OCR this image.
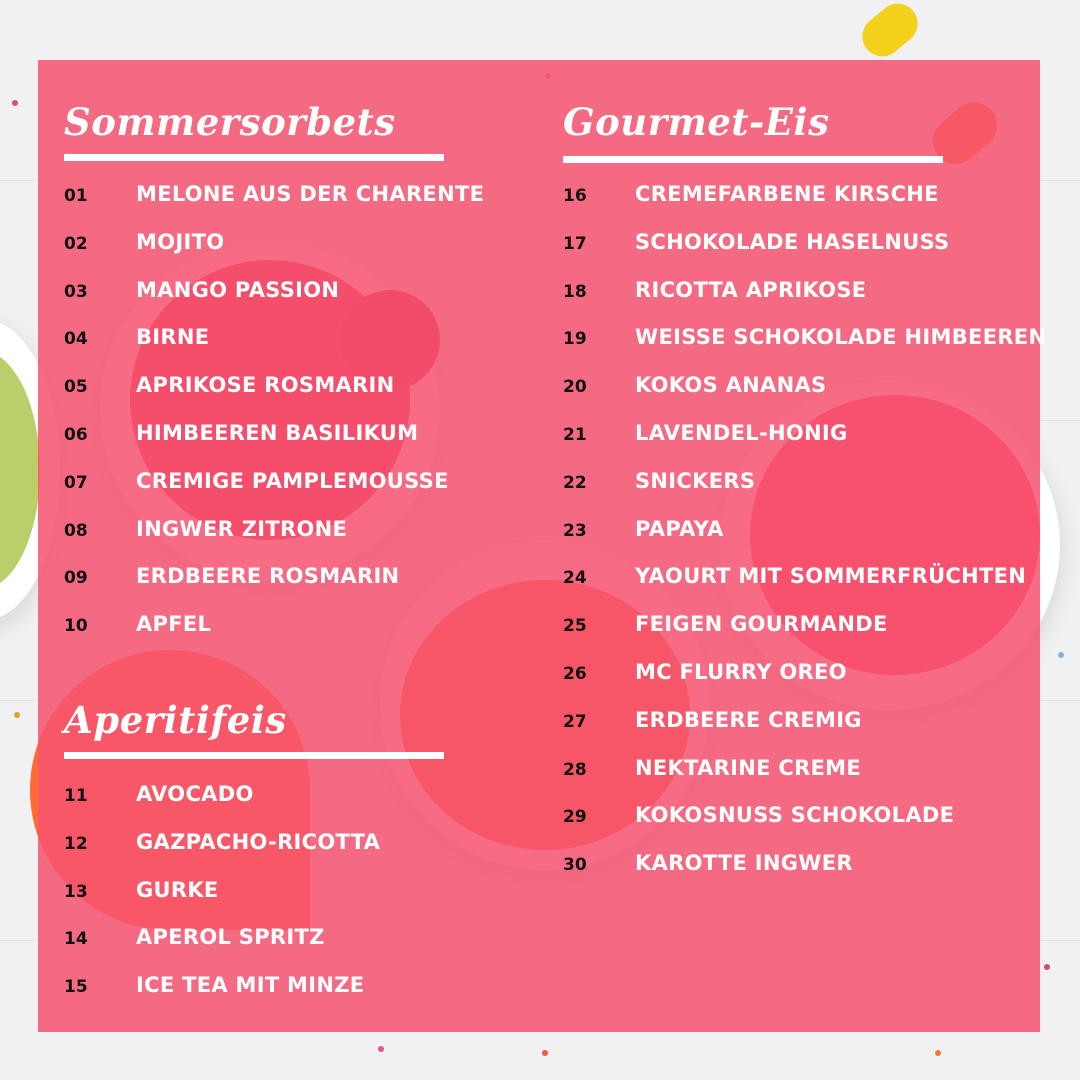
Sommersorbets
01 MELONE AUS DER CHARENTE
02 MOJITO
03 MANGO PASSION
04 BIRNE
05 APRIKOSE ROSMARIN
06 HIMBEEREN BASILIKUM
07 CREMIGE PAMPLEMOUSSE
08 INGWER ZITRONE
09 ERDBEERE ROSMARIN
10 APFEL
Aperitifeis
11 AVOCADO
12 GAZPACHO-RICOTTA
13 GURKE
14 APEROL SPRITZ
15 ICE TEA MIT MINZE
Gourmet-Eis
16 CREMEFARBENE KIRSCHE
17 SCHOKOLADE HASELNUSS
18 RICOTTA APRIKOSE
19 WEISSE SCHOKOLADE HIMBEEREN
20 KOKOS ANANAS
21 LAVENDEL-HONIG
22 SNICKERS
23 PAPAYA
24 YAOURT MIT SOMMERFRÜCHTEN
25 FEIGEN GOURMANDE
26 MC FLURRY OREO
27 ERDBEERE CREMIG
28 NEKTARINE CREME
29 KOKOSNUSS SCHOKOLADE
30 KAROTTE INGWER
